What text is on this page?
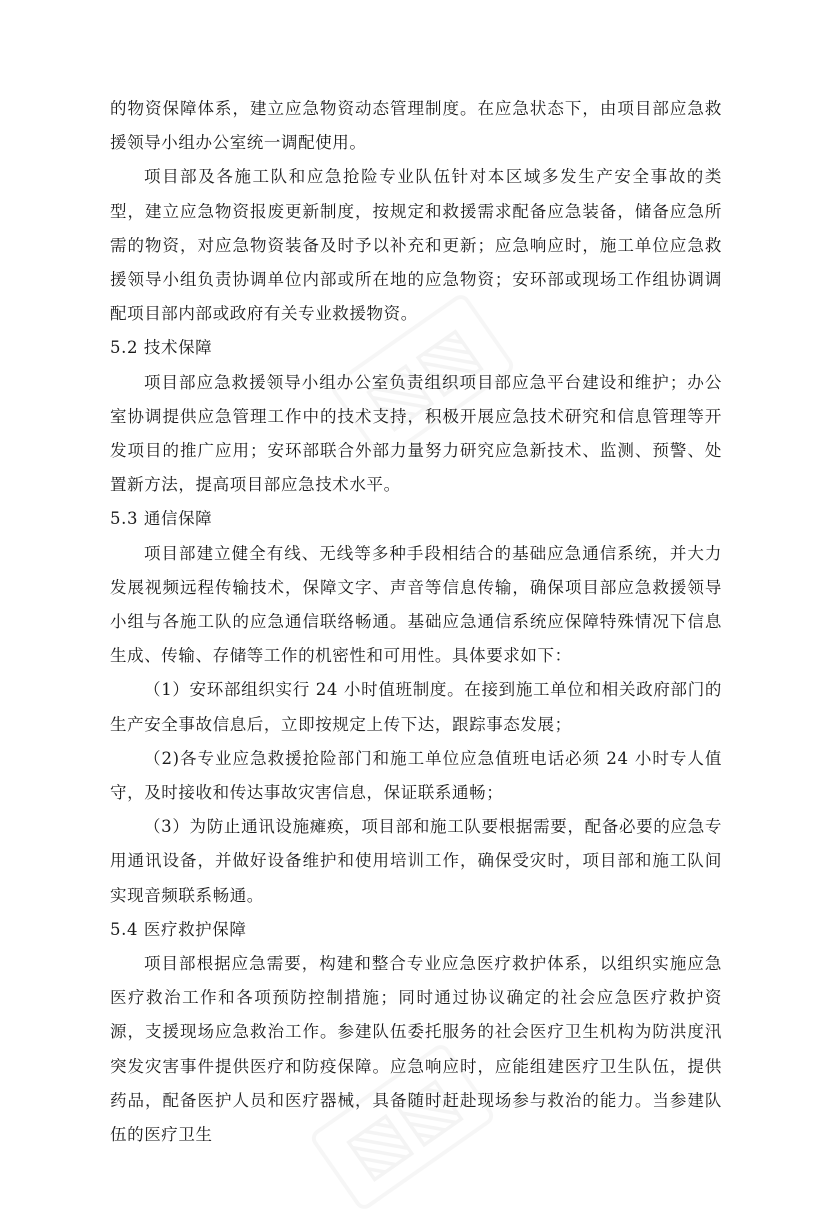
的物资保障体系，建立应急物资动态管理制度。在应急状态下，由项目部应急救援领导小组办公室统一调配使用。

项目部及各施工队和应急抢险专业队伍针对本区域多发生产安全事故的类型，建立应急物资报废更新制度，按规定和救援需求配备应急装备，储备应急所需的物资，对应急物资装备及时予以补充和更新；应急响应时，施工单位应急救援领导小组负责协调单位内部或所在地的应急物资；安环部或现场工作组协调调配项目部内部或政府有关专业救援物资。

5.2 技术保障

项目部应急救援领导小组办公室负责组织项目部应急平台建设和维护；办公室协调提供应急管理工作中的技术支持，积极开展应急技术研究和信息管理等开发项目的推广应用；安环部联合外部力量努力研究应急新技术、监测、预警、处置新方法，提高项目部应急技术水平。

5.3 通信保障

项目部建立健全有线、无线等多种手段相结合的基础应急通信系统，并大力发展视频远程传输技术，保障文字、声音等信息传输，确保项目部应急救援领导小组与各施工队的应急通信联络畅通。基础应急通信系统应保障特殊情况下信息生成、传输、存储等工作的机密性和可用性。具体要求如下：

（1）安环部组织实行 24 小时值班制度。在接到施工单位和相关政府部门的生产安全事故信息后，立即按规定上传下达，跟踪事态发展；

（2)各专业应急救援抢险部门和施工单位应急值班电话必须 24 小时专人值守，及时接收和传达事故灾害信息，保证联系通畅；

（3）为防止通讯设施瘫痪，项目部和施工队要根据需要，配备必要的应急专用通讯设备，并做好设备维护和使用培训工作，确保受灾时，项目部和施工队间实现音频联系畅通。

5.4 医疗救护保障

项目部根据应急需要，构建和整合专业应急医疗救护体系，以组织实施应急医疗救治工作和各项预防控制措施；同时通过协议确定的社会应急医疗救护资源，支援现场应急救治工作。参建队伍委托服务的社会医疗卫生机构为防洪度汛突发灾害事件提供医疗和防疫保障。应急响应时，应能组建医疗卫生队伍，提供药品，配备医护人员和医疗器械，具备随时赶赴现场参与救治的能力。当参建队伍的医疗卫生
